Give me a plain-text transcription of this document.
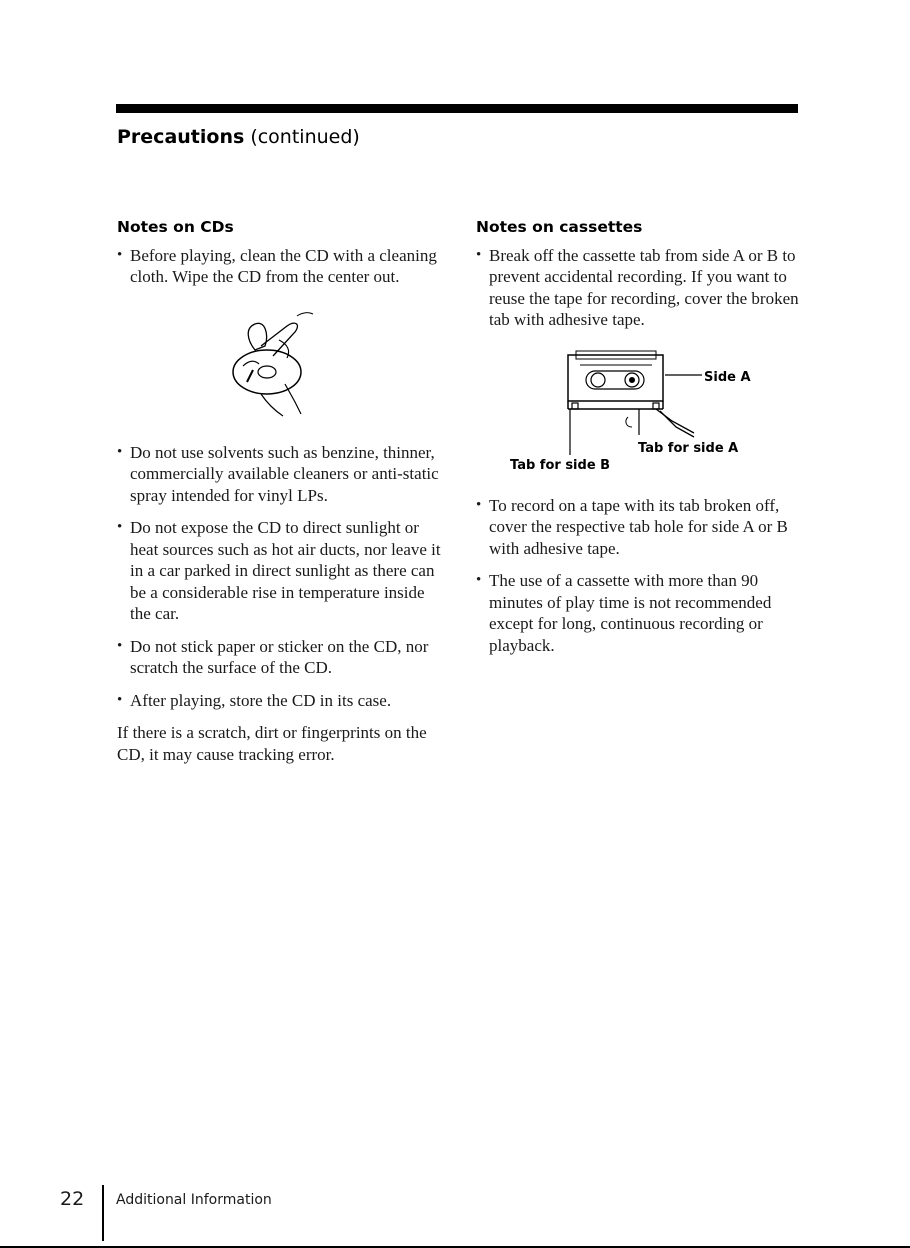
Precautions (continued)
Notes on CDs
• Before playing, clean the CD with a cleaning cloth. Wipe the CD from the center out.
• Do not use solvents such as benzine, thinner, commercially available cleaners or anti-static spray intended for vinyl LPs.
• Do not expose the CD to direct sunlight or heat sources such as hot air ducts, nor leave it in a car parked in direct sunlight as there can be a considerable rise in temperature inside the car.
• Do not stick paper or sticker on the CD, nor scratch the surface of the CD.
• After playing, store the CD in its case.

If there is a scratch, dirt or fingerprints on the CD, it may cause tracking error.

Notes on cassettes
• Break off the cassette tab from side A or B to prevent accidental recording. If you want to reuse the tape for recording, cover the broken tab with adhesive tape.
Side A
Tab for side A
Tab for side B
• To record on a tape with its tab broken off, cover the respective tab hole for side A or B with adhesive tape.
• The use of a cassette with more than 90 minutes of play time is not recommended except for long, continuous recording or playback.
22 Additional Information
